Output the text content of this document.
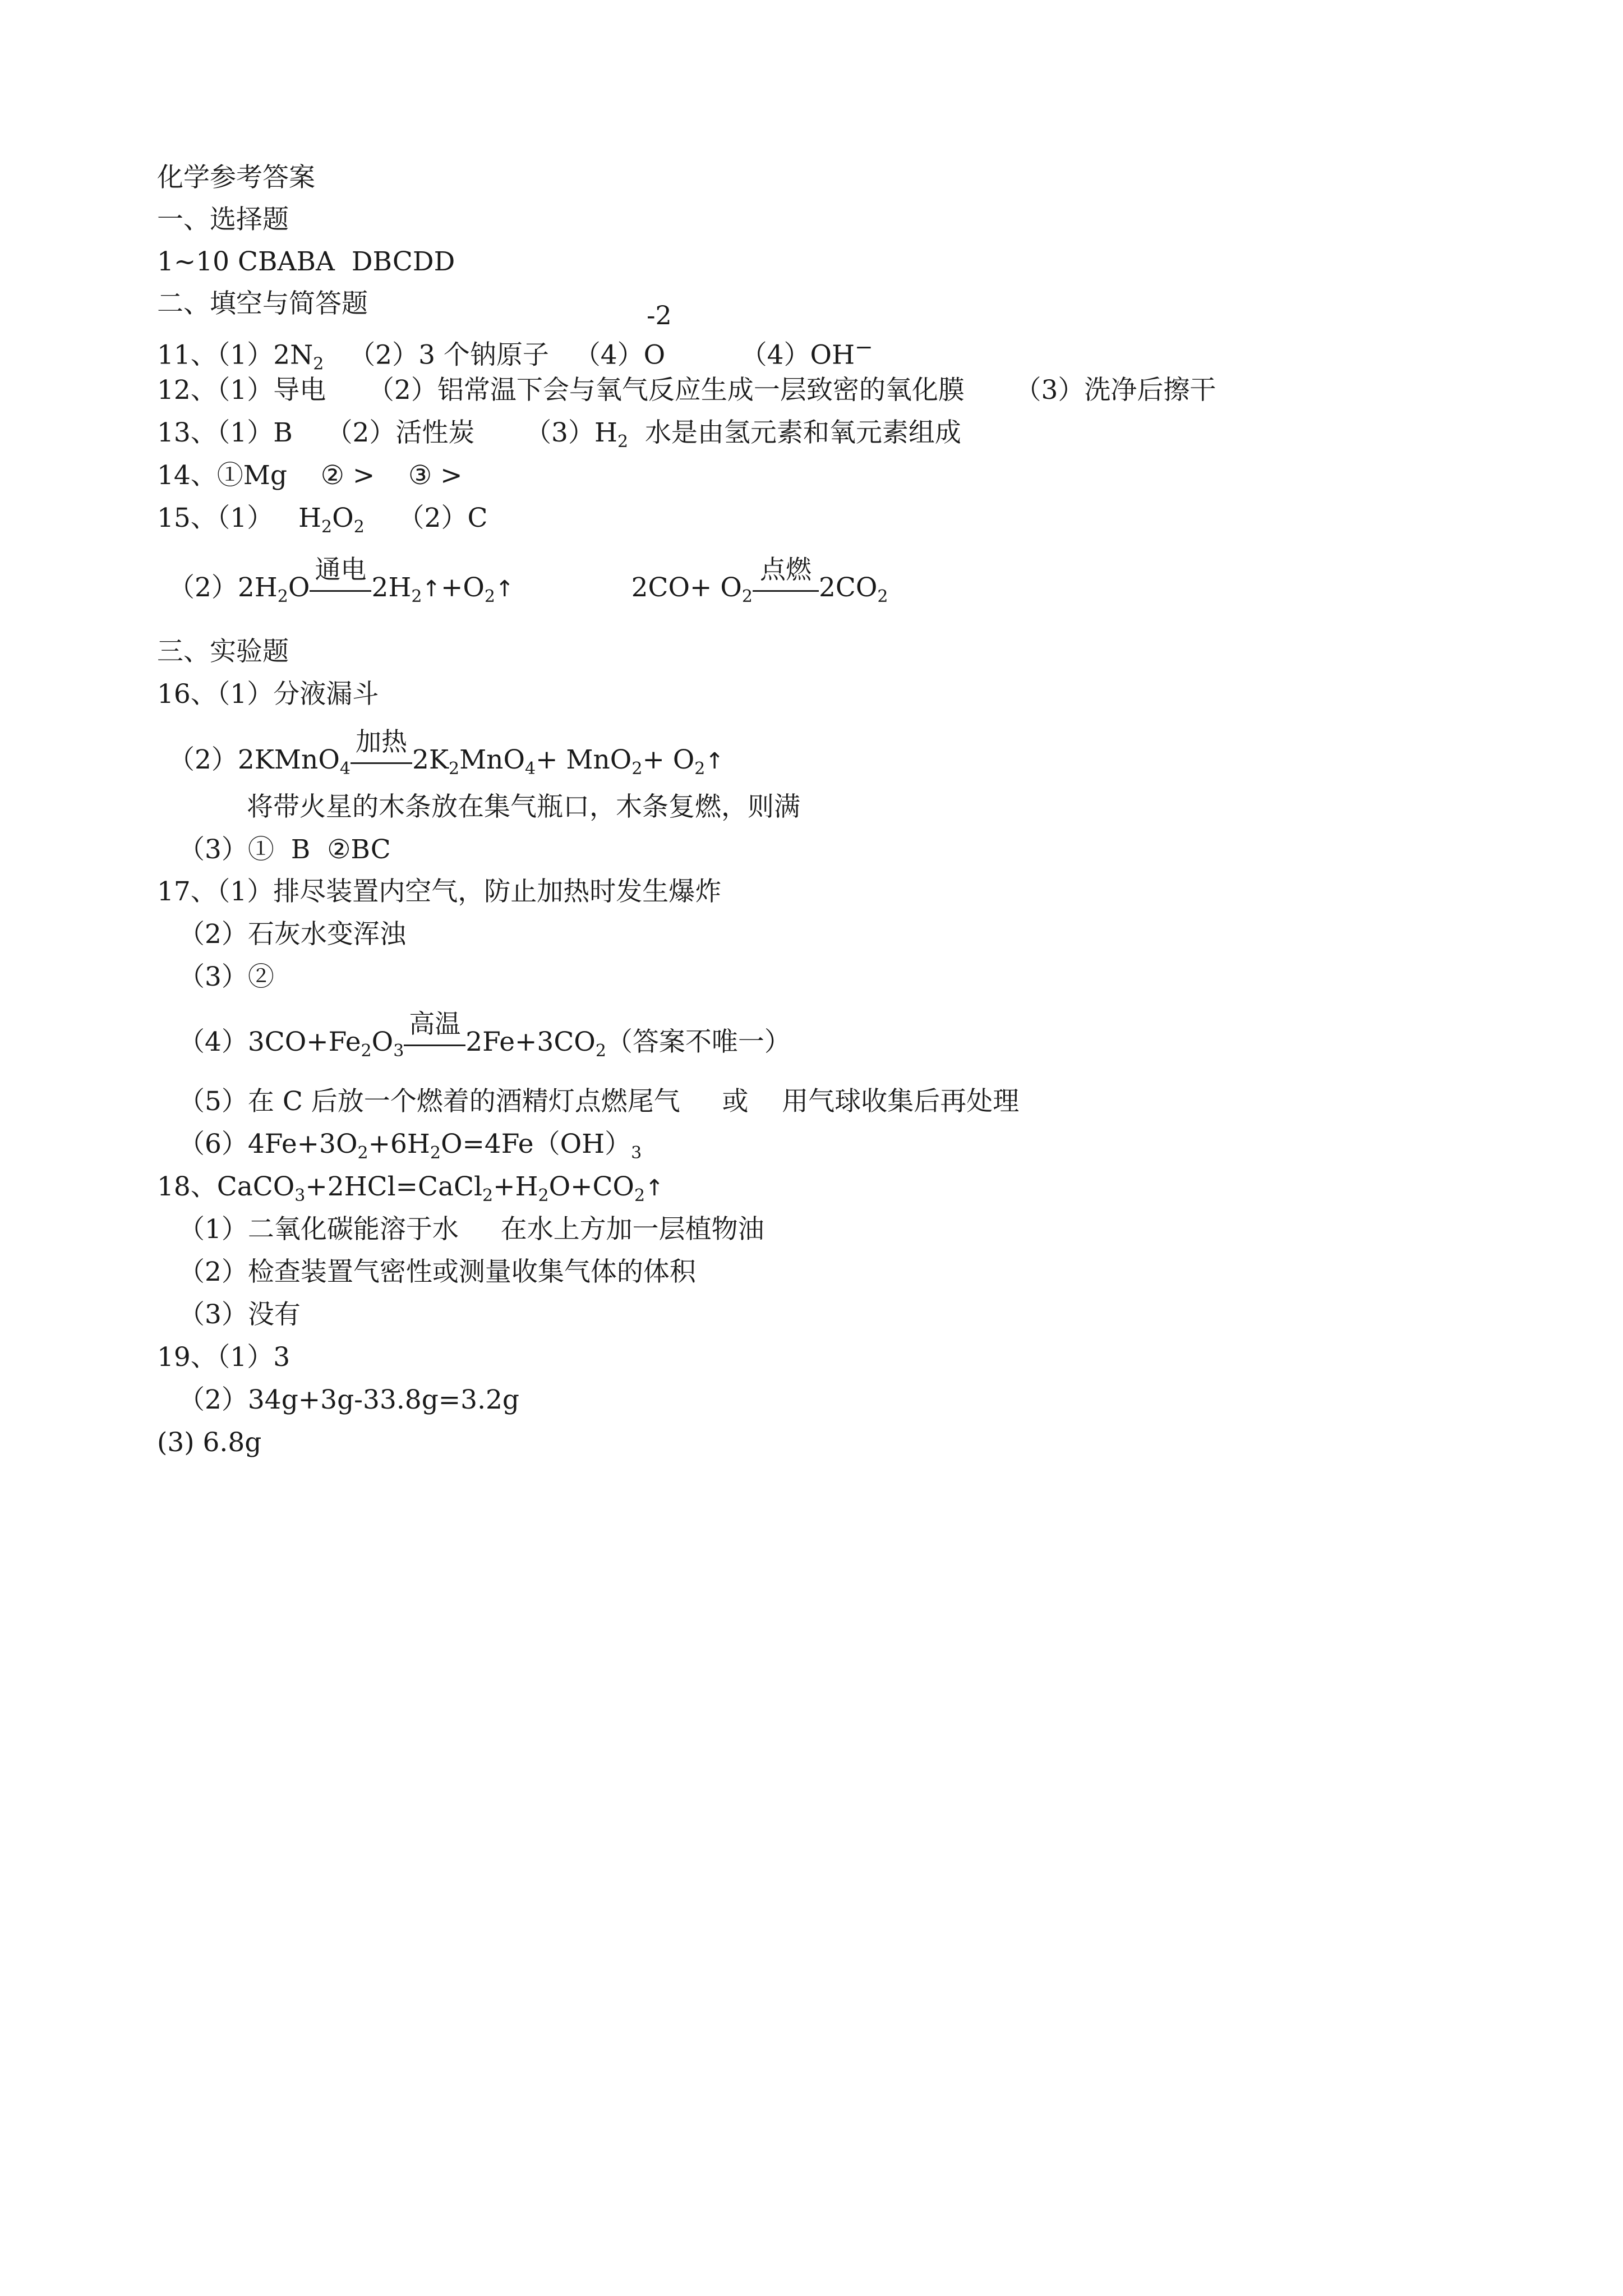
化学参考答案
一、选择题
1~10 CBABA  DBCDD
二、填空与简答题
11、$(1)2N_2$ （2）3 个钠原子 （4）O	（4）OH−
-2
12、（1）导电 （2）铝常温下会与氧气反应生成一层致密的氧化膜 （3）洗净后擦干
13、（1）B （2）活性炭 $(3)H_2$ 水是由氢元素和氧元素组成
14、①Mg ② > ③ >
15、（1） $H_2O_2$ （2）C
$(2)2H_2O$
通电
$2H_2↑+O_2↑$	$2CO+ O_2$
点燃
$2CO_2$
三、实验题
16、（1）分液漏斗
（2）2KMnO$_4$
加热
$2K_2MnO_4+ MnO_2+$ $O_2↑$
将带火星的木条放在集气瓶口，木条复燃，则满
（3）①  B  ②BC
17、（1）排尽装置内空气，防止加热时发生爆炸
（2）石灰水变浑浊
（3）②
$(4)3CO+Fe_2O_3$
高温
$2Fe+3CO_2$（答案不唯一）
（5）在 C 后放一个燃着的酒精灯点燃尾气 或 用气球收集后再处理
$(6)4Fe+3O_2+6H_2O=4Fe(OH)_3$
18、$CaCO_3+2HCl=CaCl_2+H_2O+CO_2↑$
（1）二氧化碳能溶于水 在水上方加一层植物油
（2）检查装置气密性或测量收集气体的体积
（3）没有
19、（1）3
（2）34g+3g-33.8g=3.2g
(3) 6.8g
